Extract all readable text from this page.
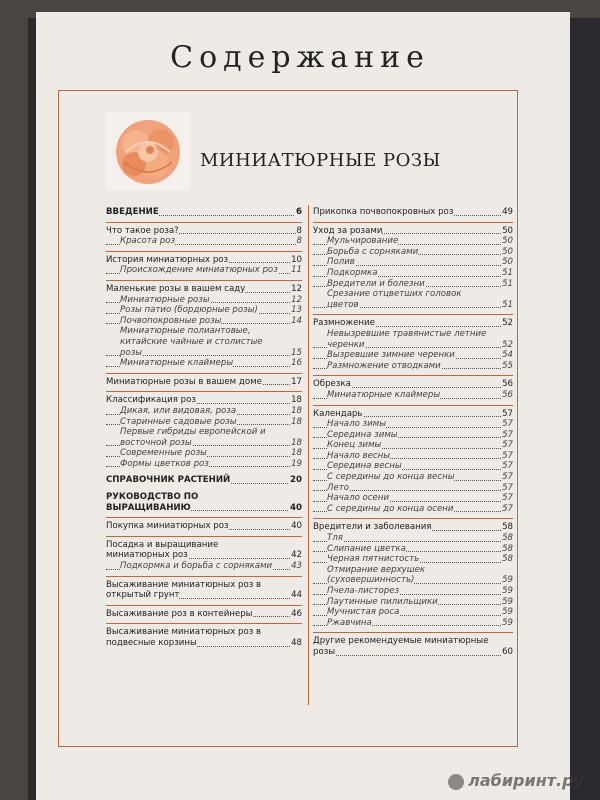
Содержание
МИНИАТЮРНЫЕ РОЗЫ
ВВЕДЕНИЕ	6
Что такое роза?	8
Красота роз	8
История миниатюрных роз	10
Происхождение миниатюрных роз	11
Маленькие розы в вашем саду	12
Миниатюрные розы	12
Розы патио (бордюрные розы)	13
Почвопокровные розы	14
Миниатюрные полиантовые, китайские чайные и столистые розы	15
Миниатюрные клаймеры	16
Миниатюрные розы в вашем доме	17
Классификация роз	18
Дикая, или видовая, роза	18
Старинные садовые розы	18
Первые гибриды европейской и восточной розы	18
Современные розы	18
Формы цветков роз	19
СПРАВОЧНИК РАСТЕНИЙ	20
РУКОВОДСТВО ПО ВЫРАЩИВАНИЮ	40
Покупка миниатюрных роз	40
Посадка и выращивание миниатюрных роз	42
Подкормка и борьба с сорняками	43
Высаживание миниатюрных роз в открытый грунт	44
Высаживание роз в контейнеры	46
Высаживание миниатюрных роз в подвесные корзины	48
Прикопка почвопокровных роз	49
Уход за розами	50
Мульчирование	50
Борьба с сорняками	50
Полив	50
Подкормка	51
Вредители и болезни	51
Срезание отцветших головок цветов	51
Размножение	52
Невызревшие травянистые летние черенки	52
Вызревшие зимние черенки	54
Размножение отводками	55
Обрезка	56
Миниатюрные клаймеры	56
Календарь	57
Начало зимы	57
Середина зимы	57
Конец зимы	57
Начало весны	57
Середина весны	57
С середины до конца весны	57
Лето	57
Начало осени	57
С середины до конца осени	57
Вредители и заболевания	58
Тля	58
Слипание цветка	58
Черная пятнистость	58
Отмирание верхушек (суховершинность)	59
Пчела-листорез	59
Паутинные пилильщики	59
Мучнистая роса	59
Ржавчина	59
Другие рекомендуемые миниатюрные розы	60
лабиринт.ру
